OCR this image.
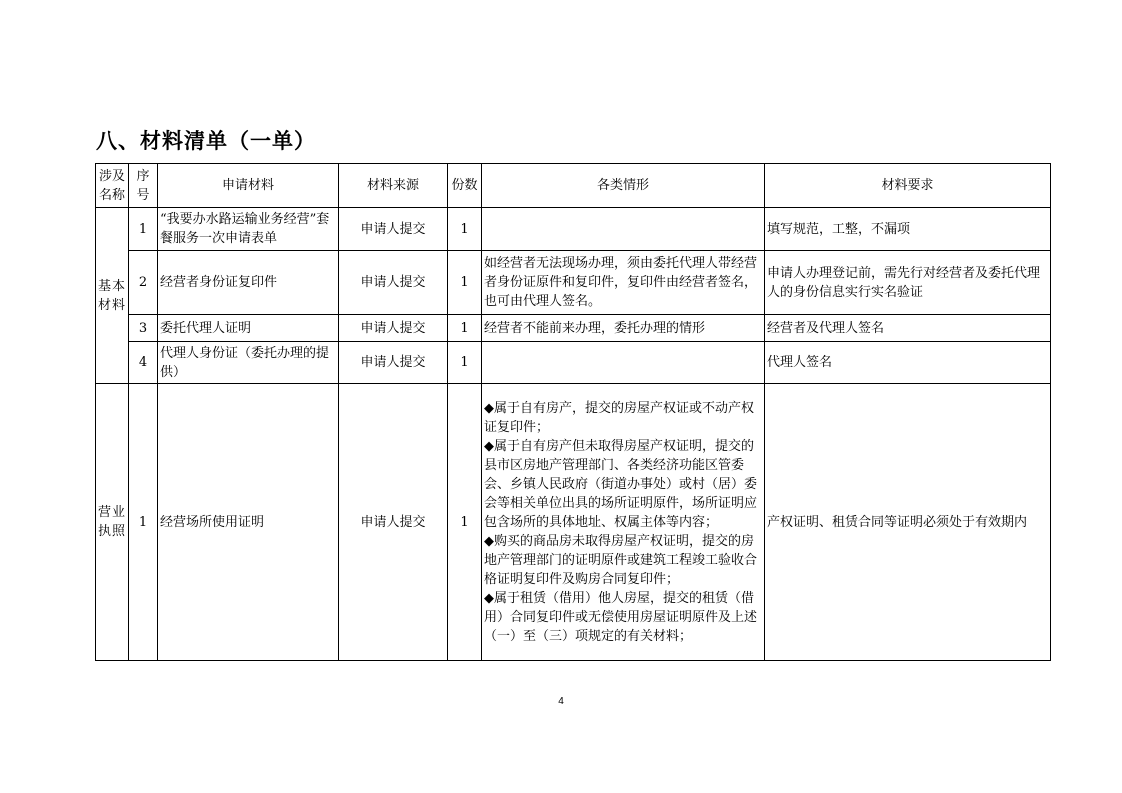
八、材料清单（一单）
涉及名称	序号	申请材料	材料来源	份数	各类情形	材料要求
基本材料	1	“我要办水路运输业务经营”套餐服务一次申请表单	申请人提交	1		填写规范，工整，不漏项

	2	经营者身份证复印件	申请人提交	1	如经营者无法现场办理，须由委托代理人带经营者身份证原件和复印件，复印件由经营者签名，也可由代理人签名。	申请人办理登记前，需先行对经营者及委托代理人的身份信息实行实名验证

	3	委托代理人证明	申请人提交	1	经营者不能前来办理，委托办理的情形	经营者及代理人签名

	4	代理人身份证（委托办理的提供）	申请人提交	1		代理人签名

营业执照	1	经营场所使用证明	申请人提交	1	◆属于自有房产，提交的房屋产权证或不动产权证复印件；
◆属于自有房产但未取得房屋产权证明，提交的县市区房地产管理部门、各类经济功能区管委会、乡镇人民政府（街道办事处）或村（居）委会等相关单位出具的场所证明原件，场所证明应包含场所的具体地址、权属主体等内容；
◆购买的商品房未取得房屋产权证明，提交的房地产管理部门的证明原件或建筑工程竣工验收合格证明复印件及购房合同复印件；
◆属于租赁（借用）他人房屋，提交的租赁（借用）合同复印件或无偿使用房屋证明原件及上述（一）至（三）项规定的有关材料；	产权证明、租赁合同等证明必须处于有效期内
4
